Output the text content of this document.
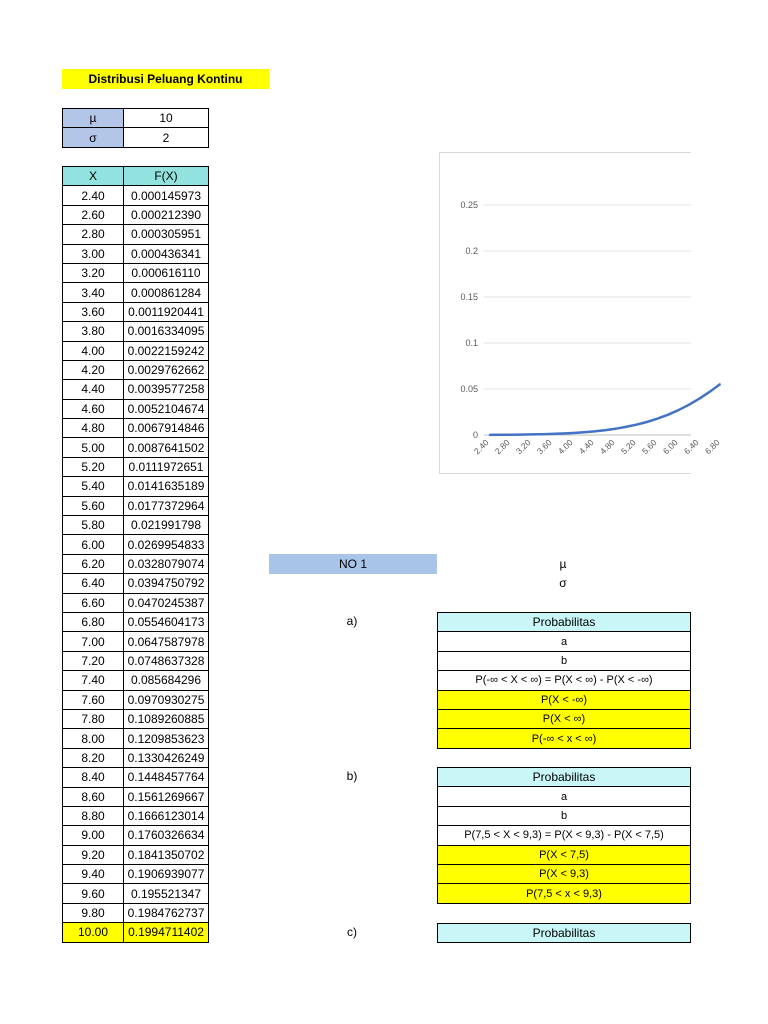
Distribusi Peluang Kontinu
µ	10
σ	2
X	F(X)
2.40	0.000145973
2.60	0.000212390
2.80	0.000305951
3.00	0.000436341
3.20	0.000616110
3.40	0.000861284
3.60	0.0011920441
3.80	0.0016334095
4.00	0.0022159242
4.20	0.0029762662
4.40	0.0039577258
4.60	0.0052104674
4.80	0.0067914846
5.00	0.0087641502
5.20	0.0111972651
5.40	0.0141635189
5.60	0.0177372964
5.80	0.021991798
6.00	0.0269954833
6.20	0.0328079074
6.40	0.0394750792
6.60	0.0470245387
6.80	0.0554604173
7.00	0.0647587978
7.20	0.0748637328
7.40	0.085684296
7.60	0.0970930275
7.80	0.1089260885
8.00	0.1209853623
8.20	0.1330426249
8.40	0.1448457764
8.60	0.1561269667
8.80	0.1666123014
9.00	0.1760326634
9.20	0.1841350702
9.40	0.1906939077
9.60	0.195521347
9.80	0.1984762737
10.00	0.1994711402
0
0.05
0.1
0.15
0.2
0.25
2.40 2.80 3.20 3.60 4.00 4.40 4.80 5.20 5.60 6.00 6.40 6.80
NO 1	µ
σ
a)	Probabilitas
a
b
P(-∞ < X < ∞) = P(X < ∞) - P(X < -∞)
P(X < -∞)
P(X < ∞)
P(-∞ < x < ∞)
b)	Probabilitas
a
b
P(7,5 < X < 9,3) = P(X < 9,3) - P(X < 7,5)
P(X < 7,5)
P(X < 9,3)
P(7,5 < x < 9,3)
c)	Probabilitas
